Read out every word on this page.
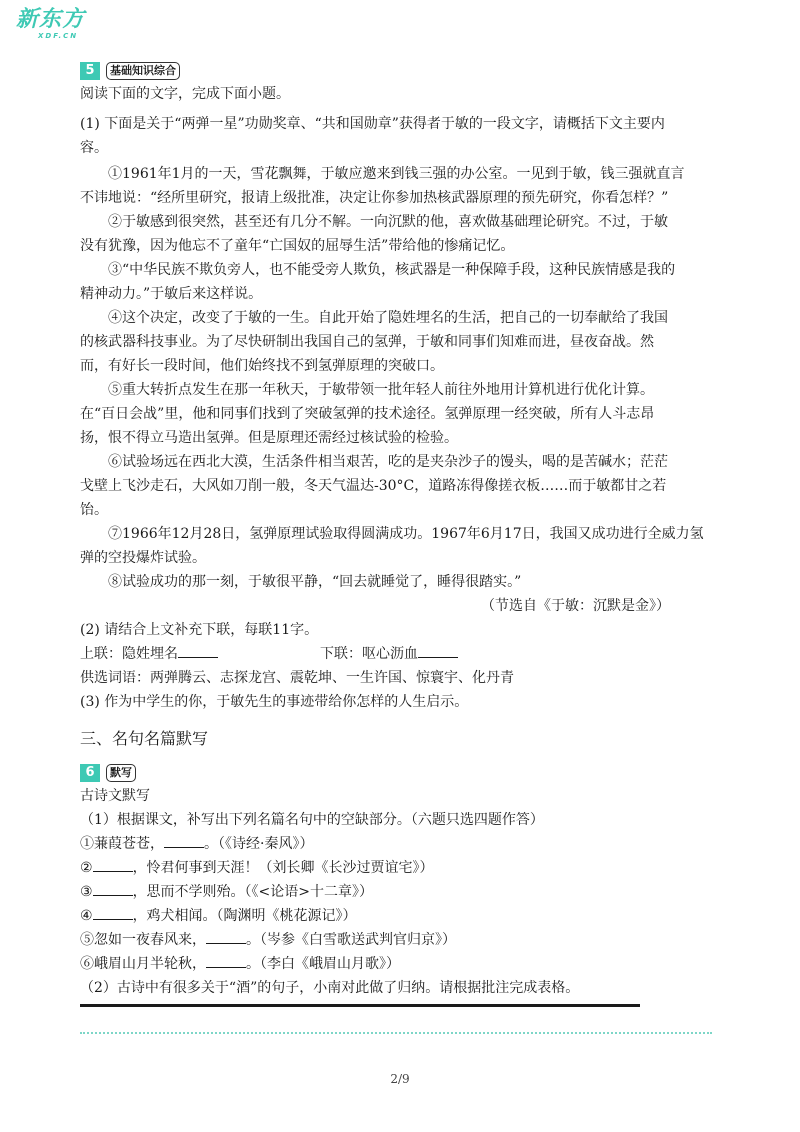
新东方
XDF.CN
5	基础知识综合
阅读下面的文字，完成下面小题。
(1) 下面是关于“两弹一星”功勋奖章、“共和国勋章”获得者于敏的一段文字，请概括下文主要内
容。
①1961年1月的一天，雪花飘舞，于敏应邀来到钱三强的办公室。一见到于敏，钱三强就直言
不讳地说：“经所里研究，报请上级批准，决定让你参加热核武器原理的预先研究，你看怎样？”
②于敏感到很突然，甚至还有几分不解。一向沉默的他，喜欢做基础理论研究。不过，于敏
没有犹豫，因为他忘不了童年“亡国奴的屈辱生活”带给他的惨痛记忆。
③“中华民族不欺负旁人，也不能受旁人欺负，核武器是一种保障手段，这种民族情感是我的
精神动力。”于敏后来这样说。
④这个决定，改变了于敏的一生。自此开始了隐姓埋名的生活，把自己的一切奉献给了我国
的核武器科技事业。为了尽快研制出我国自己的氢弹，于敏和同事们知难而进，昼夜奋战。然
而，有好长一段时间，他们始终找不到氢弹原理的突破口。
⑤重大转折点发生在那一年秋天，于敏带领一批年轻人前往外地用计算机进行优化计算。
在“百日会战”里，他和同事们找到了突破氢弹的技术途径。氢弹原理一经突破，所有人斗志昂
扬，恨不得立马造出氢弹。但是原理还需经过核试验的检验。
⑥试验场远在西北大漠，生活条件相当艰苦，吃的是夹杂沙子的馒头，喝的是苦碱水；茫茫
戈壁上飞沙走石，大风如刀削一般，冬天气温达-30°C，道路冻得像搓衣板……而于敏都甘之若
饴。
⑦1966年12月28日，氢弹原理试验取得圆满成功。1967年6月17日，我国又成功进行全威力氢
弹的空投爆炸试验。
⑧试验成功的那一刻，于敏很平静，“回去就睡觉了，睡得很踏实。”
（节选自《于敏：沉默是金》）
(2) 请结合上文补充下联，每联11字。
上联：隐姓埋名	下联：呕心沥血
供选词语：两弹腾云、志探龙宫、震乾坤、一生许国、惊寰宇、化丹青
(3) 作为中学生的你，于敏先生的事迹带给你怎样的人生启示。
三、名句名篇默写
6	默写
古诗文默写
（1）根据课文，补写出下列名篇名句中的空缺部分。（六题只选四题作答）
①蒹葭苍苍，	。（《诗经·秦风》）
②	，怜君何事到天涯！（刘长卿《长沙过贾谊宅》）
③	，思而不学则殆。（《<论语>十二章》）
④	，鸡犬相闻。（陶渊明《桃花源记》）
⑤忽如一夜春风来，	。（岑参《白雪歌送武判官归京》）
⑥峨眉山月半轮秋，	。（李白《峨眉山月歌》）
（2）古诗中有很多关于“酒”的句子，小南对此做了归纳。请根据批注完成表格。
2/9
